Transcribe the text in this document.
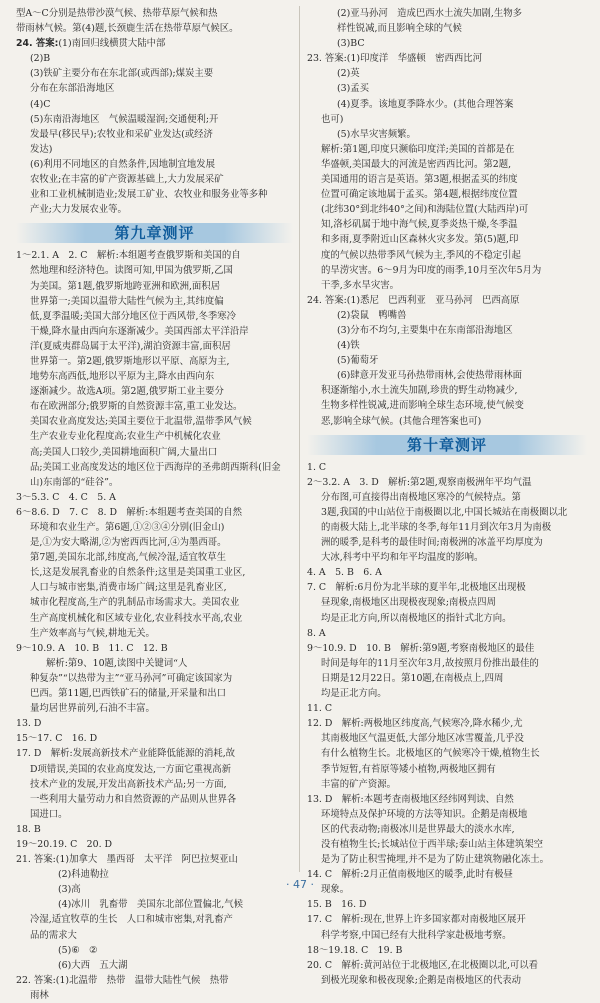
型A～C分别是热带沙漠气候、热带草原气候和热

带雨林气候。第(4)题,长颈鹿生活在热带草原气候区。

24. 答案:(1)南回归线横贯大陆中部

(2)B

(3)铁矿主要分布在东北部(或西部);煤炭主要

分布在东部沿海地区

(4)C

(5)东南沿海地区　气候温暖湿润;交通便利;开

发最早(移民早);农牧业和采矿业发达(或经济

发达)

(6)利用不同地区的自然条件,因地制宜地发展

农牧业;在丰富的矿产资源基础上,大力发展采矿

业和工业机械制造业;发展工矿业、农牧业和服务业等多种

产业;大力发展农业等。

第九章测评

1～2.1. A　2. C　解析:本组题考查俄罗斯和美国的自

然地理和经济特色。读图可知,甲国为俄罗斯,乙国

为美国。第1题,俄罗斯地跨亚洲和欧洲,面积居

世界第一;美国以温带大陆性气候为主,其纬度偏

低,夏季温暖;美国大部分地区位于西风带,冬季寒冷

干燥,降水量由西向东逐渐减少。美国西部太平洋沿岸

洋(夏威夷群岛属于太平洋),湖泊资源丰富,面积居

世界第一。第2题,俄罗斯地形以平原、高原为主,

地势东高西低,地形以平原为主,降水由西向东

逐渐减少。故选A项。第2题,俄罗斯工业主要分

布在欧洲部分;俄罗斯的自然资源丰富,重工业发达。

美国农业高度发达;美国主要位于北温带,温带季风气候

生产农业专业化程度高;农业生产中机械化农业

高;美国人口较少,美国耕地面积广阔,大量出口

品;美国工业高度发达的地区位于西海岸的圣弗朗西斯科(旧金

山)东南部的“硅谷”。

3～5.3. C　4. C　5. A

6～8.6. D　7. C　8. D　解析:本组题考查美国的自然

环境和农业生产。第6题,①②③④分别(旧金山)

是,①为安大略湖,②为密西西比河,④为墨西哥。

第7题,美国东北部,纬度高,气候冷湿,适宜牧草生

长,这是发展乳畜业的自然条件;这里是美国重工业区,

人口与城市密集,消费市场广阔;这里是乳畜业区,

城市化程度高,生产的乳制品市场需求大。美国农业

生产高度机械化和区域专业化,农业科技水平高,农业

生产效率高与气候,耕地无关。

9～10.9. A　10. B　11. C　12. B

解析:第9、10题,读图中关键词“人

种复杂”“以热带为主”“亚马孙河”可确定该国家为

巴西。第11题,巴西铁矿石的储量,开采量和出口

量均居世界前列,石油不丰富。

13. D

15～17. C　16. D

17. D　解析:发展高新技术产业能降低能源的消耗,故

D项错误,美国的农业高度发达,一方面它重视高新

技术产业的发展,开发出高新技术产品;另一方面,

一些利用大量劳动力和自然资源的产品则从世界各

国进口。

18. B

19～20.19. C　20. D

21. 答案:(1)加拿大　墨西哥　太平洋　阿巴拉契亚山

(2)科迪勒拉

(3)高

(4)冰川　乳畜带　美国东北部位置偏北,气候

冷湿,适宜牧草的生长　人口和城市密集,对乳畜产

品的需求大

(5)⑥　②

(6)大西　五大湖

22. 答案:(1)北温带　热带　温带大陆性气候　热带

雨林

(2)亚马孙河　造成巴西水土流失加剧,生物多

样性锐减,而且影响全球的气候

(3)BC

23. 答案:(1)印度洋　华盛顿　密西西比河

(2)英

(3)孟买

(4)夏季。该地夏季降水少。(其他合理答案

也可)

(5)水旱灾害频繁。

解析:第1题,印度只濒临印度洋;美国的首都是在

华盛顿,美国最大的河流是密西西比河。第2题,

美国通用的语言是英语。第3题,根据孟买的纬度

位置可确定该地属于孟买。第4题,根据纬度位置

(北纬30°到北纬40°之间)和海陆位置(大陆西岸)可

知,洛杉矶属于地中海气候,夏季炎热干燥,冬季温

和多雨,夏季附近山区森林火灾多发。第(5)题,印

度的气候以热带季风气候为主,季风的不稳定引起

的旱涝灾害。6～9月为印度的雨季,10月至次年5月为

干季,多水旱灾害。

24. 答案:(1)悉尼　巴西利亚　亚马孙河　巴西高原

(2)袋鼠　鸭嘴兽

(3)分布不均匀,主要集中在东南部沿海地区

(4)铁

(5)葡萄牙

(6)肆意开发亚马孙热带雨林,会使热带雨林面

积逐渐缩小,水土流失加剧,珍贵的野生动物减少,

生物多样性锐减,进而影响全球生态环境,使气候变

恶,影响全球气候。(其他合理答案也可)

第十章测评

1. C

2～3.2. A　3. D　解析:第2题,观察南极洲年平均气温

分布图,可直接得出南极地区寒冷的气候特点。第

3题,我国的中山站位于南极圈以北,中国长城站在南极圈以北

的南极大陆上,北半球的冬季,每年11月到次年3月为南极

洲的暖季,是科考的最佳时间;南极洲的冰盖平均厚度为

大冰,科考中平均和年平均温度的影响。

4. A　5. B　6. A

7. C　解析:6月份为北半球的夏半年,北极地区出现极

昼现象,南极地区出现极夜现象;南极点四周

均是正北方向,所以南极地区的指针式北方向。

8. A

9～10.9. D　10. B　解析:第9题,考察南极地区的最佳

时间是每年的11月至次年3月,故按照月份推出最佳的

日期是12月22日。第10题,在南极点上,四周

均是正北方向。

11. C

12. D　解析:两极地区纬度高,气候寒冷,降水稀少,尤

其南极地区气温更低,大部分地区冰雪覆盖,几乎没

有什么植物生长。北极地区的气候寒冷干燥,植物生长

季节短暂,有苔原等矮小植物,两极地区拥有

丰富的矿产资源。

13. D　解析:本题考查南极地区经纬网判读、自然

环境特点及保护环境的方法等知识。企鹅是南极地

区的代表动物;南极冰川是世界最大的淡水水库,

没有植物生长;长城站位于西半球;泰山站主体建筑架空

是为了防止积雪掩埋,并不是为了防止建筑物融化冻土。

14. C　解析:2月正值南极地区的暖季,此时有极昼

现象。

15. B　16. D

17. C　解析:现在,世界上许多国家都对南极地区展开

科学考察,中国已经有大批科学家赴极地考察。

18～19.18. C　19. B

20. C　解析:黄河站位于北极地区,在北极圈以北,可以看

到极光现象和极夜现象;企鹅是南极地区的代表动

· 47 ·
